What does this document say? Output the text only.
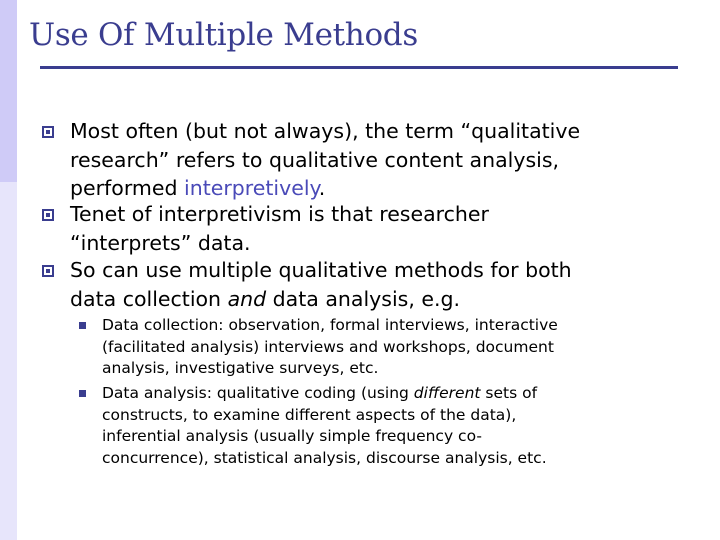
Use Of Multiple Methods
Most often (but not always), the term “qualitative
research” refers to qualitative content analysis,
performed interpretively.
Tenet of interpretivism is that researcher
“interprets” data.
So can use multiple qualitative methods for both
data collection and data analysis, e.g.
Data collection: observation, formal interviews, interactive
(facilitated analysis) interviews and workshops, document
analysis, investigative surveys, etc.
Data analysis: qualitative coding (using different sets of
constructs, to examine different aspects of the data),
inferential analysis (usually simple frequency co-
concurrence), statistical analysis, discourse analysis, etc.
